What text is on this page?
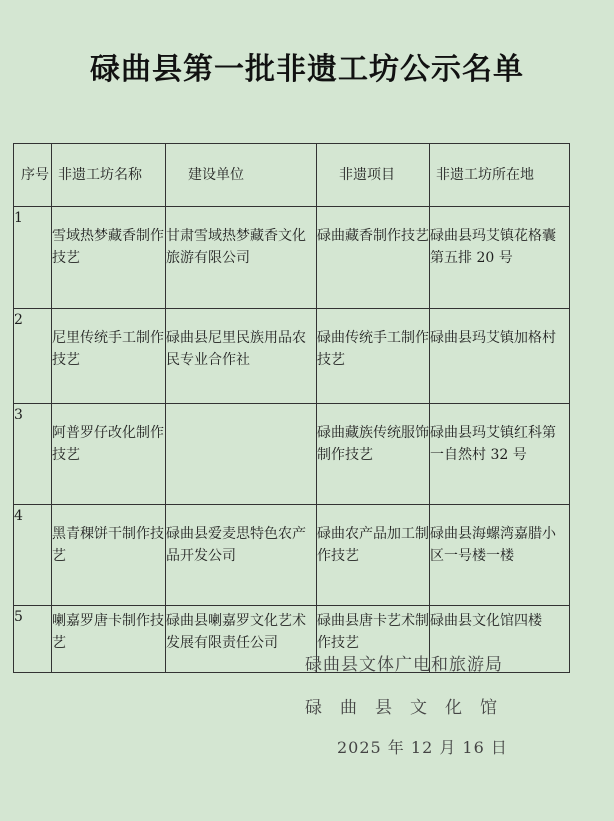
碌曲县第一批非遗工坊公示名单
序号	非遗工坊名称	建设单位	非遗项目	非遗工坊所在地
1	雪域热梦藏香制作技艺	甘肃雪域热梦藏香文化旅游有限公司	碌曲藏香制作技艺	碌曲县玛艾镇花格囊第五排 20 号
2	尼里传统手工制作技艺	碌曲县尼里民族用品农民专业合作社	碌曲传统手工制作技艺	碌曲县玛艾镇加格村
3	阿普罗仔改化制作技艺		碌曲藏族传统服饰制作技艺	碌曲县玛艾镇红科第一自然村 32 号
4	黑青稞饼干制作技艺	碌曲县爱麦思特色农产品开发公司	碌曲农产品加工制作技艺	碌曲县海螺湾嘉腊小区一号楼一楼
5	喇嘉罗唐卡制作技艺	碌曲县喇嘉罗文化艺术发展有限责任公司	碌曲县唐卡艺术制作技艺	碌曲县文化馆四楼
碌曲县文体广电和旅游局
碌曲县文化馆
2025 年 12 月 16 日
